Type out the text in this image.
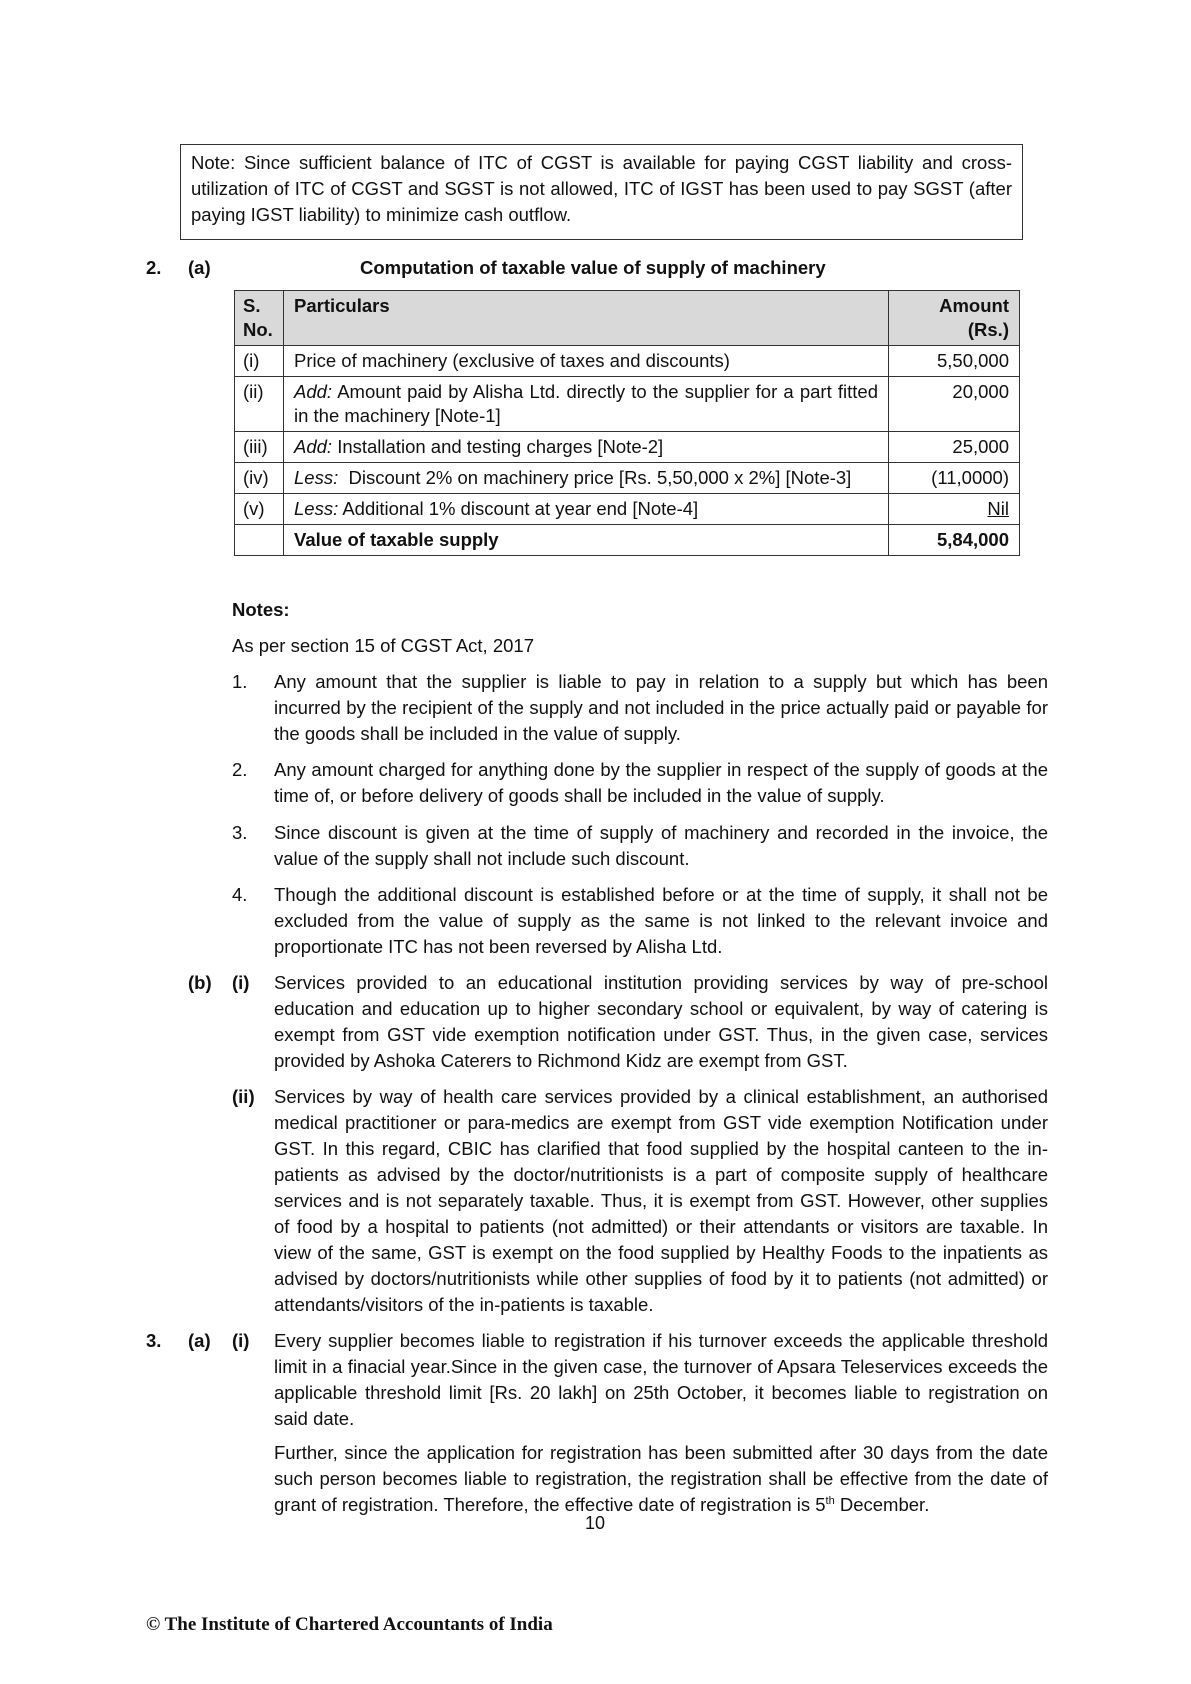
Note: Since sufficient balance of ITC of CGST is available for paying CGST liability and cross-utilization of ITC of CGST and SGST is not allowed, ITC of IGST has been used to pay SGST (after paying IGST liability) to minimize cash outflow.
2. (a)	Computation of taxable value of supply of machinery
S. No.	Particulars	Amount (Rs.)
(i)	Price of machinery (exclusive of taxes and discounts)	5,50,000
(ii)	Add: Amount paid by Alisha Ltd. directly to the supplier for a part fitted in the machinery [Note-1]	20,000
(iii)	Add: Installation and testing charges [Note-2]	25,000
(iv)	Less:  Discount 2% on machinery price [Rs. 5,50,000 x 2%] [Note-3]	(11,0000)
(v)	Less: Additional 1% discount at year end [Note-4]	Nil
	Value of taxable supply	5,84,000
Notes:
As per section 15 of CGST Act, 2017
1. Any amount that the supplier is liable to pay in relation to a supply but which has been incurred by the recipient of the supply and not included in the price actually paid or payable for the goods shall be included in the value of supply.
2. Any amount charged for anything done by the supplier in respect of the supply of goods at the time of, or before delivery of goods shall be included in the value of supply.
3. Since discount is given at the time of supply of machinery and recorded in the invoice, the value of the supply shall not include such discount.
4. Though the additional discount is established before or at the time of supply, it shall not be excluded from the value of supply as the same is not linked to the relevant invoice and proportionate ITC has not been reversed by Alisha Ltd.
(b) (i) Services provided to an educational institution providing services by way of pre-school education and education up to higher secondary school or equivalent, by way of catering is exempt from GST vide exemption notification under GST. Thus, in the given case, services provided by Ashoka Caterers to Richmond Kidz are exempt from GST.
(ii) Services by way of health care services provided by a clinical establishment, an authorised medical practitioner or para-medics are exempt from GST vide exemption Notification under GST. In this regard, CBIC has clarified that food supplied by the hospital canteen to the in-patients as advised by the doctor/nutritionists is a part of composite supply of healthcare services and is not separately taxable. Thus, it is exempt from GST. However, other supplies of food by a hospital to patients (not admitted) or their attendants or visitors are taxable. In view of the same, GST is exempt on the food supplied by Healthy Foods to the inpatients as advised by doctors/nutritionists while other supplies of food by it to patients (not admitted) or attendants/visitors of the in-patients is taxable.
3. (a) (i) Every supplier becomes liable to registration if his turnover exceeds the applicable threshold limit in a finacial year.Since in the given case, the turnover of Apsara Teleservices exceeds the applicable threshold limit [Rs. 20 lakh] on 25th October, it becomes liable to registration on said date.
Further, since the application for registration has been submitted after 30 days from the date such person becomes liable to registration, the registration shall be effective from the date of grant of registration. Therefore, the effective date of registration is 5th December.
10
© The Institute of Chartered Accountants of India
